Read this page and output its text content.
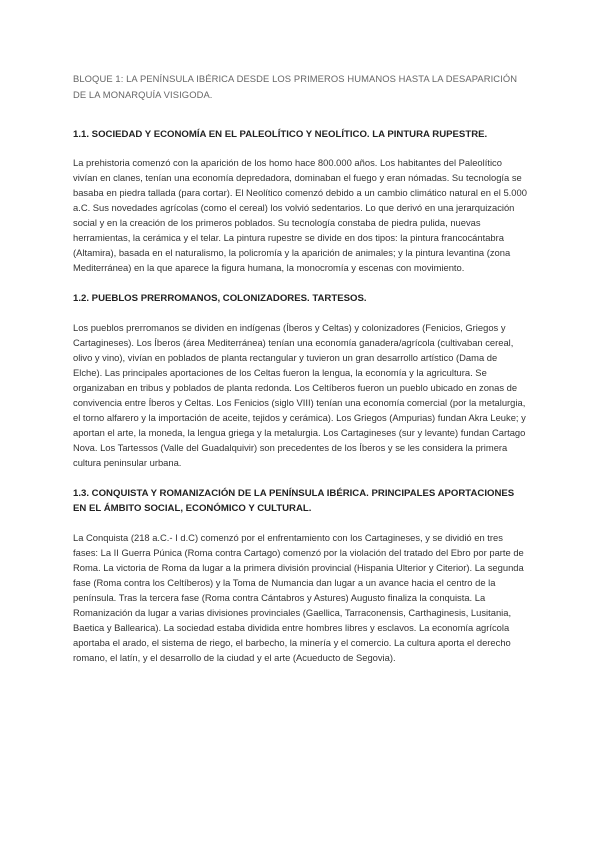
BLOQUE 1: LA PENÍNSULA IBÉRICA DESDE LOS PRIMEROS HUMANOS HASTA LA DESAPARICIÓN DE LA MONARQUÍA VISIGODA.

1.1. SOCIEDAD Y ECONOMÍA EN EL PALEOLÍTICO Y NEOLÍTICO. LA PINTURA RUPESTRE.

La prehistoria comenzó con la aparición de los homo hace 800.000 años. Los habitantes del Paleolítico vivían en clanes, tenían una economía depredadora, dominaban el fuego y eran nómadas. Su tecnología se basaba en piedra tallada (para cortar). El Neolítico comenzó debido a un cambio climático natural en el 5.000 a.C. Sus novedades agrícolas (como el cereal) los volvió sedentarios. Lo que derivó en una jerarquización social y en la creación de los primeros poblados. Su tecnología constaba de piedra pulida, nuevas herramientas, la cerámica y el telar. La pintura rupestre se divide en dos tipos: la pintura francocántabra (Altamira), basada en el naturalismo, la policromía y la aparición de animales; y la pintura levantina (zona Mediterránea) en la que aparece la figura humana, la monocromía y escenas con movimiento.

1.2. PUEBLOS PRERROMANOS, COLONIZADORES. TARTESOS.

Los pueblos prerromanos se dividen en indígenas (Íberos y Celtas) y colonizadores (Fenicios, Griegos y Cartagineses). Los Íberos (área Mediterránea) tenían una economía ganadera/agrícola (cultivaban cereal, olivo y vino), vivían en poblados de planta rectangular y tuvieron un gran desarrollo artístico (Dama de Elche). Las principales aportaciones de los Celtas fueron la lengua, la economía y la agricultura. Se organizaban en tribus y poblados de planta redonda. Los Celtíberos fueron un pueblo ubicado en zonas de convivencia entre Íberos y Celtas. Los Fenicios (siglo VIII) tenían una economía comercial (por la metalurgia, el torno alfarero y la importación de aceite, tejidos y cerámica). Los Griegos (Ampurias) fundan Akra Leuke; y aportan el arte, la moneda, la lengua griega y la metalurgia. Los Cartagineses (sur y levante) fundan Cartago Nova. Los Tartessos (Valle del Guadalquivir) son precedentes de los Íberos y se les considera la primera cultura peninsular urbana.

1.3. CONQUISTA Y ROMANIZACIÓN DE LA PENÍNSULA IBÉRICA. PRINCIPALES APORTACIONES EN EL ÁMBITO SOCIAL, ECONÓMICO Y CULTURAL.

La Conquista (218 a.C.- I d.C) comenzó por el enfrentamiento con los Cartagineses, y se dividió en tres fases: La II Guerra Púnica (Roma contra Cartago) comenzó por la violación del tratado del Ebro por parte de Roma. La victoria de Roma da lugar a la primera división provincial (Hispania Ulterior y Citerior). La segunda fase (Roma contra los Celtíberos) y la Toma de Numancia dan lugar a un avance hacia el centro de la península. Tras la tercera fase (Roma contra Cántabros y Astures) Augusto finaliza la conquista. La Romanización da lugar a varias divisiones provinciales (Gaellica, Tarraconensis, Carthaginesis, Lusitania, Baetica y Ballearica). La sociedad estaba dividida entre hombres libres y esclavos. La economía agrícola aportaba el arado, el sistema de riego, el barbecho, la minería y el comercio. La cultura aporta el derecho romano, el latín, y el desarrollo de la ciudad y el arte (Acueducto de Segovia).
